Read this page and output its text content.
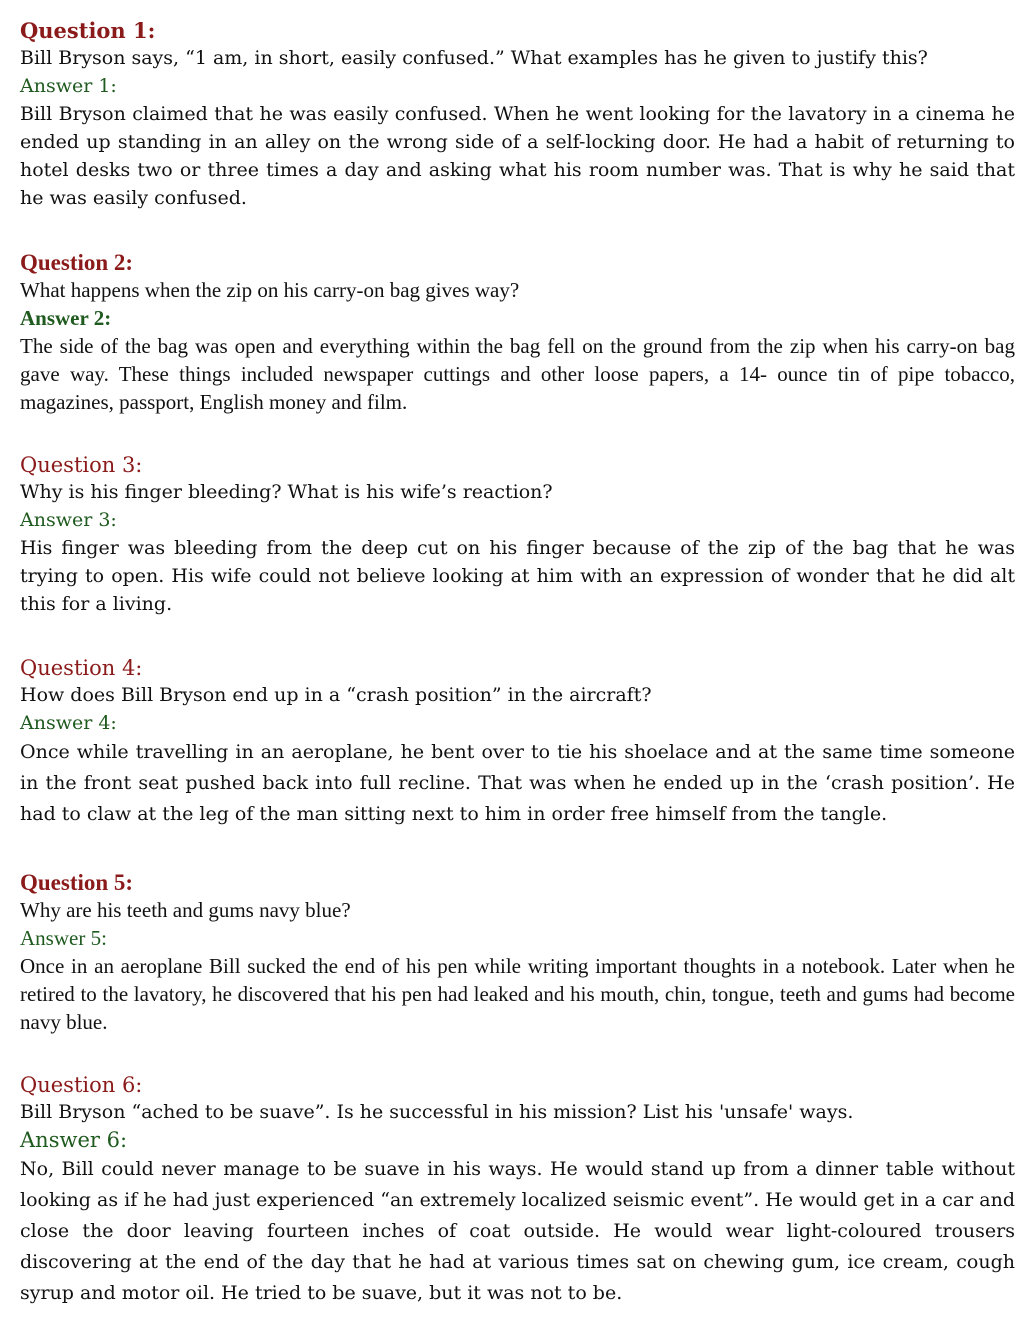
Question 1:

Bill Bryson says, “1 am, in short, easily confused.” What examples has he given to justify this?

Answer 1:

Bill Bryson claimed that he was easily confused. When he went looking for the lavatory in a cinema he ended up standing in an alley on the wrong side of a self-locking door. He had a habit of returning to hotel desks two or three times a day and asking what his room number was. That is why he said that he was easily confused.

Question 2:

What happens when the zip on his carry-on bag gives way?

Answer 2:

The side of the bag was open and everything within the bag fell on the ground from the zip when his carry-on bag gave way. These things included newspaper cuttings and other loose papers, a 14- ounce tin of pipe tobacco, magazines, passport, English money and film.

Question 3:

Why is his finger bleeding? What is his wife’s reaction?

Answer 3:

His finger was bleeding from the deep cut on his finger because of the zip of the bag that he was trying to open. His wife could not believe looking at him with an expression of wonder that he did alt this for a living.

Question 4:

How does Bill Bryson end up in a “crash position” in the aircraft?

Answer 4:

Once while travelling in an aeroplane, he bent over to tie his shoelace and at the same time someone in the front seat pushed back into full recline. That was when he ended up in the ‘crash position’. He had to claw at the leg of the man sitting next to him in order free himself from the tangle.

Question 5:

Why are his teeth and gums navy blue?

Answer 5:

Once in an aeroplane Bill sucked the end of his pen while writing important thoughts in a notebook. Later when he retired to the lavatory, he discovered that his pen had leaked and his mouth, chin, tongue, teeth and gums had become navy blue.

Question 6:

Bill Bryson “ached to be suave”. Is he successful in his mission? List his 'unsafe' ways.

Answer 6:

No, Bill could never manage to be suave in his ways. He would stand up from a dinner table without looking as if he had just experienced “an extremely localized seismic event”. He would get in a car and close the door leaving fourteen inches of coat outside. He would wear light-coloured trousers discovering at the end of the day that he had at various times sat on chewing gum, ice cream, cough syrup and motor oil. He tried to be suave, but it was not to be.
